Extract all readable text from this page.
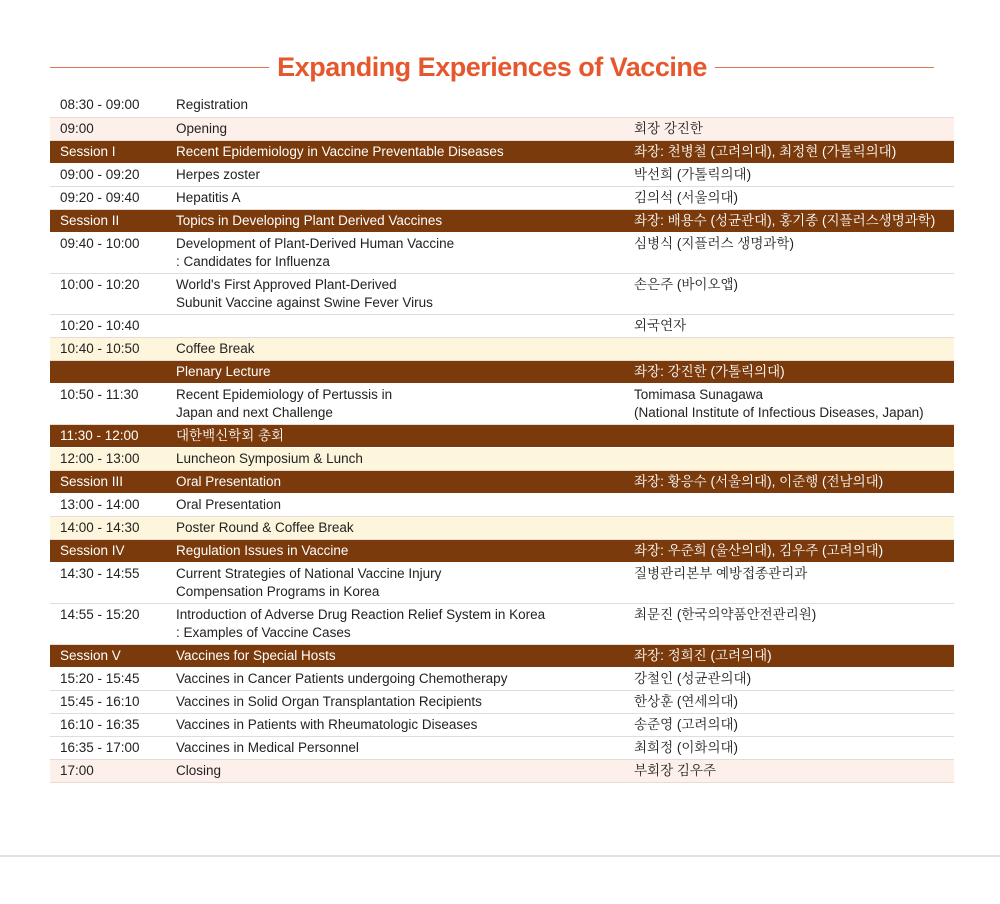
Expanding Experiences of Vaccine
08:30 - 09:00	Registration	

09:00	Opening	회장 강진한

Session I	Recent Epidemiology in Vaccine Preventable Diseases	좌장: 천병철 (고려의대), 최정현 (가톨릭의대)

09:00 - 09:20	Herpes zoster	박선희 (가톨릭의대)

09:20 - 09:40	Hepatitis A	김의석 (서울의대)

Session II	Topics in Developing Plant Derived Vaccines	좌장: 배용수 (성균관대), 홍기종 (지플러스생명과학)

09:40 - 10:00	Development of Plant-Derived Human Vaccine
: Candidates for Influenza	심병식 (지플러스 생명과학)

10:00 - 10:20	World's First Approved Plant-Derived
Subunit Vaccine against Swine Fever Virus	손은주 (바이오앱)

10:20 - 10:40		외국연자

10:40 - 10:50	Coffee Break	

	Plenary Lecture	좌장: 강진한 (가톨릭의대)

10:50 - 11:30	Recent Epidemiology of Pertussis in
Japan and next Challenge	Tomimasa Sunagawa
(National Institute of Infectious Diseases, Japan)

11:30 - 12:00	대한백신학회 총회	

12:00 - 13:00	Luncheon Symposium & Lunch	

Session III	Oral Presentation	좌장: 황응수 (서울의대), 이준행 (전남의대)

13:00 - 14:00	Oral Presentation	

14:00 - 14:30	Poster Round & Coffee Break	

Session IV	Regulation Issues in Vaccine	좌장: 우준희 (울산의대), 김우주 (고려의대)

14:30 - 14:55	Current Strategies of National Vaccine Injury
Compensation Programs in Korea	질병관리본부 예방접종관리과

14:55 - 15:20	Introduction of Adverse Drug Reaction Relief System in Korea
: Examples of Vaccine Cases	최문진 (한국의약품안전관리원)

Session V	Vaccines for Special Hosts	좌장: 정희진 (고려의대)

15:20 - 15:45	Vaccines in Cancer Patients undergoing Chemotherapy	강철인 (성균관의대)

15:45 - 16:10	Vaccines in Solid Organ Transplantation Recipients	한상훈 (연세의대)

16:10 - 16:35	Vaccines in Patients with Rheumatologic Diseases	송준영 (고려의대)

16:35 - 17:00	Vaccines in Medical Personnel	최희정 (이화의대)

17:00	Closing	부회장 김우주
